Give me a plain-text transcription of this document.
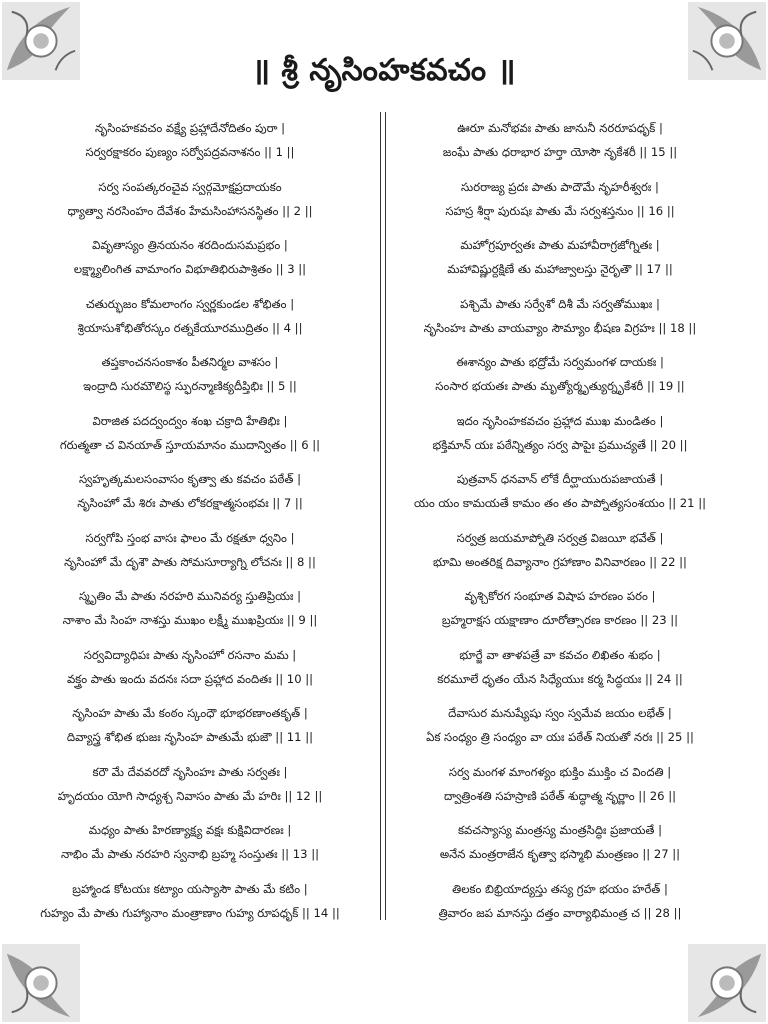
॥ శ్రీ నృసింహకవచం ॥
నృసింహకవచం వక్ష్యే ప్రహ్లాదేనోదితం పురా |
సర్వరక్షాకరం పుణ్యం సర్వోపద్రవనాశనం || 1 ||
సర్వ సంపత్కరంచైవ స్వర్గమోక్షప్రదాయకం
ధ్యాత్వా నరసింహం దేవేశం హేమసింహాసనస్థితం || 2 ||
వివృతాస్యం త్రినయనం శరదిందుసమప్రభం |
లక్ష్మ్యాలింగిత వామాంగం విభూతిభిరుపాశ్రితం || 3 ||
చతుర్భుజం కోమలాంగం స్వర్ణకుండల శోభితం |
శ్రియాసుశోభితోరస్కం రత్నకేయూరముద్రితం || 4 ||
తప్తకాంచనసంకాశం పీతనిర్మల వాశసం |
ఇంద్రాది సురమౌలిస్థ స్ఫురన్మాణిక్యదీప్తిభిః || 5 ||
విరాజిత పదద్వంద్వం శంఖ చక్రాది హేతిభిః |
గరుత్మతా చ వినయాత్ స్తూయమానం ముదాన్వితం || 6 ||
స్వహృత్కమలసంవాసం కృత్వా తు కవచం పఠేత్ |
నృసింహో మే శిరః పాతు లోకరక్షాత్మసంభవః || 7 ||
సర్వగోపి స్తంభ వాసః ఫాలం మే రక్షతూ ధ్వనిం |
నృసింహో మే దృశౌ పాతు సోమసూర్యాగ్ని లోచనః || 8 ||
స్మృతిం మే పాతు నరహరి మునివర్య స్తుతిప్రియః |
నాశాం మే సింహ నాశస్తు ముఖం లక్ష్మీ ముఖప్రియః || 9 ||
సర్వవిద్యాధిపః పాతు నృసింహో రసనాం మమ |
వక్త్రం పాతు ఇందు వదనః సదా ప్రహ్లాద వందితః || 10 ||
నృసింహ పాతు మే కంఠం స్కంధౌ భూభరణాంతకృత్ |
దివ్యాస్త్ర శోభిత భుజః నృసింహ పాతుమే భుజౌ || 11 ||
కరౌ మే దేవవరదో నృసింహః పాతు సర్వతః |
హృదయం యోగి సాధ్యశ్చ నివాసం పాతు మే హరిః || 12 ||
మధ్యం పాతు హిరణ్యాక్ష్య వక్షః కుక్షివిదారణః |
నాభిం మే పాతు నరహరి స్వనాభి బ్రహ్మ సంస్తుతః || 13 ||
బ్రహ్మాండ కోటయః కట్యాం యస్యాసౌ పాతు మే కటిం |
గుహ్యం మే పాతు గుహ్యానాం మంత్రాణాం గుహ్య రూపధృక్ || 14 ||
ఊరూ మనోభవః పాతు జానునీ నరరూపధృక్ |
జంఘే పాతు ధరాభార హర్తా యోసౌ నృకేశరీ || 15 ||
సురరాజ్య ప్రదః పాతు పాదౌమే నృహరీశ్వరః |
సహస్ర శీర్షా పురుషః పాతు మే సర్వశస్తనుం || 16 ||
మహోగ్రపూర్వతః పాతు మహావీరాగ్రజోగ్నితః |
మహావిష్ణుర్దక్షిణే తు మహాజ్వాలస్తు నైరృతౌ || 17 ||
పశ్చిమే పాతు సర్వేశో దిశీ మే సర్వతోముఖః |
నృసింహః పాతు వాయవ్యాం సౌమ్యాం భీషణ విగ్రహః || 18 ||
ఈశాన్యం పాతు భద్రోమే సర్వమంగళ దాయకః |
సంసార భయతః పాతు మృత్యోర్మృత్యుర్నృకేశరీ || 19 ||
ఇదం నృసింహకవచం ప్రహ్లాద ముఖ మండితం |
భక్తిమాన్ యః పఠేన్నిత్యం సర్వ పాపైః ప్రముచ్యతే || 20 ||
పుత్రవాన్ ధనవాన్ లోకే దీర్ఘాయురుపజాయతే |
యం యం కామయతే కామం తం తం పాప్నోత్యసంశయం || 21 ||
సర్వత్ర జయమాప్నోతి సర్వత్ర విజయీ భవేత్ |
భూమి అంతరిక్ష దివ్యానాం గ్రహాణాం వినివారణం || 22 ||
వృశ్చికోరగ సంభూత విషాప హరణం పరం |
బ్రహ్మరాక్షస యక్షాణాం దూరోత్సారణ కారణం || 23 ||
భూర్జే వా తాళపత్రే వా కవచం లిఖితం శుభం |
కరమూలే ధృతం యేన సిధ్యేయుః కర్మ సిద్ధయః || 24 ||
దేవాసుర మనుష్యేషు స్వం స్వమేవ జయం లభేత్ |
ఏక సంధ్యం త్రి సంధ్యం వా యః పఠేత్ నియతో నరః || 25 ||
సర్వ మంగళ మాంగళ్యం భుక్తిం ముక్తిం చ విందతి |
ద్వాత్రింశతి సహస్రాణి పఠేత్ శుద్ధాత్మ నృర్ణాం || 26 ||
కవచస్యాస్య మంత్రస్య మంత్రసిద్ధిః ప్రజాయతే |
అనేన మంత్రరాజేన కృత్వా భస్మాభి మంత్రణం || 27 ||
తిలకం బిభ్రియాద్యస్తు తస్య గ్రహ భయం హరేత్ |
త్రివారం జప మానస్తు దత్తం వార్యాభిమంత్ర చ || 28 ||
